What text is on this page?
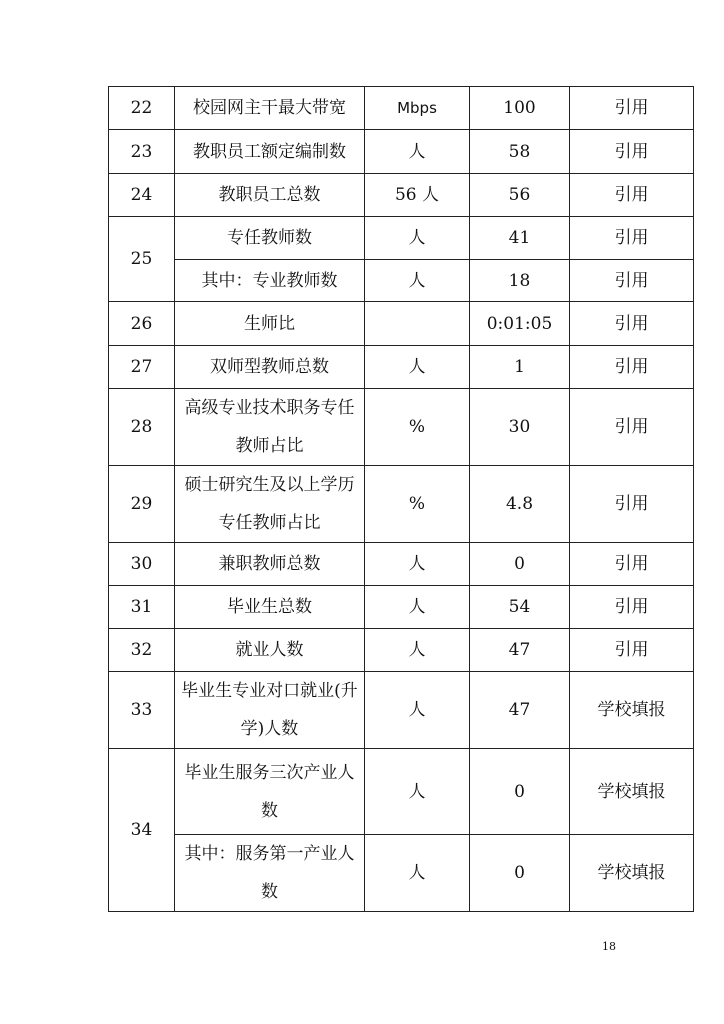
22	校园网主干最大带宽	Mbps	100	引用
23	教职员工额定编制数	人	58	引用
24	教职员工总数	56 人	56	引用
25	专任教师数	人	41	引用
	其中：专业教师数	人	18	引用
26	生师比		0:01:05	引用
27	双师型教师总数	人	1	引用
28	高级专业技术职务专任教师占比	%	30	引用
29	硕士研究生及以上学历专任教师占比	%	4.8	引用
30	兼职教师总数	人	0	引用
31	毕业生总数	人	54	引用
32	就业人数	人	47	引用
33	毕业生专业对口就业(升学)人数	人	47	学校填报
34	毕业生服务三次产业人数	人	0	学校填报
	其中：服务第一产业人数	人	0	学校填报
18
